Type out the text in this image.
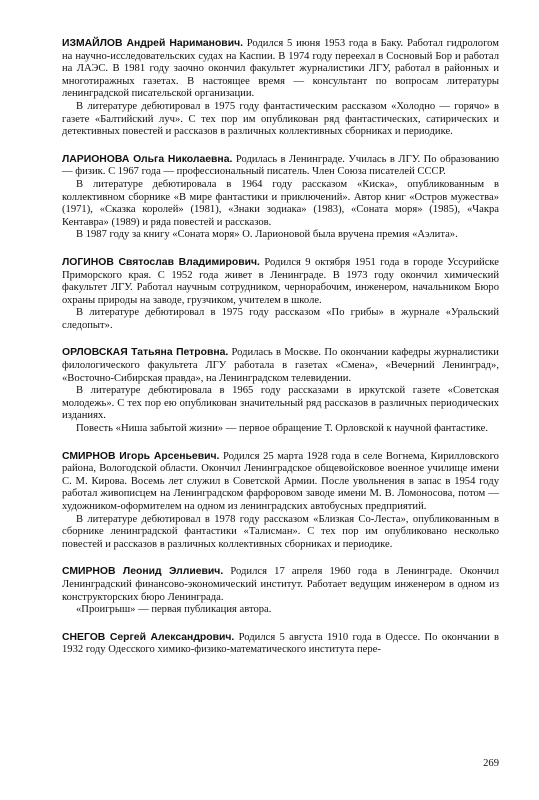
ИЗМАЙЛОВ Андрей Нариманович. Родился 5 июня 1953 года в Баку. Работал гидрологом на научно-исследовательских судах на Каспии. В 1974 году переехал в Сосновый Бор и работал на ЛАЭС. В 1981 году заочно окончил факультет журналистики ЛГУ, работал в районных и многотиражных газетах. В настоящее время — консультант по вопросам литературы ленинградской писательской организации.

В литературе дебютировал в 1975 году фантастическим рассказом «Холодно — горячо» в газете «Балтийский луч». С тех пор им опубликован ряд фантастических, сатирических и детективных повестей и рассказов в различных коллективных сборниках и периодике.

ЛАРИОНОВА Ольга Николаевна. Родилась в Ленинграде. Училась в ЛГУ. По образованию — физик. С 1967 года — профессиональный писатель. Член Союза писателей СССР.

В литературе дебютировала в 1964 году рассказом «Киска», опубликованным в коллективном сборнике «В мире фантастики и приключений». Автор книг «Остров мужества» (1971), «Сказка королей» (1981), «Знаки зодиака» (1983), «Соната моря» (1985), «Чакра Кентавра» (1989) и ряда повестей и рассказов.

В 1987 году за книгу «Соната моря» О. Ларионовой была вручена премия «Аэлита».

ЛОГИНОВ Святослав Владимирович. Родился 9 октября 1951 года в городе Уссурийске Приморского края. С 1952 года живет в Ленинграде. В 1973 году окончил химический факультет ЛГУ. Работал научным сотрудником, чернорабочим, инженером, начальником Бюро охраны природы на заводе, грузчиком, учителем в школе.

В литературе дебютировал в 1975 году рассказом «По грибы» в журнале «Уральский следопыт».

ОРЛОВСКАЯ Татьяна Петровна. Родилась в Москве. По окончании кафедры журналистики филологического факультета ЛГУ работала в газетах «Смена», «Вечерний Ленинград», «Восточно-Сибирская правда», на Ленинградском телевидении.

В литературе дебютировала в 1965 году рассказами в иркутской газете «Советская молодежь». С тех пор ею опубликован значительный ряд рассказов в различных периодических изданиях.

Повесть «Ниша забытой жизни» — первое обращение Т. Орловской к научной фантастике.

СМИРНОВ Игорь Арсеньевич. Родился 25 марта 1928 года в селе Вогнема, Кирилловского района, Вологодской области. Окончил Ленинградское общевойсковое военное училище имени С. М. Кирова. Восемь лет служил в Советской Армии. После увольнения в запас в 1954 году работал живописцем на Ленинградском фарфоровом заводе имени М. В. Ломоносова, потом — художником-оформителем на одном из ленинградских автобусных предприятий.

В литературе дебютировал в 1978 году рассказом «Близкая Со-Леста», опубликованным в сборнике ленинградской фантастики «Талисман». С тех пор им опубликовано несколько повестей и рассказов в различных коллективных сборниках и периодике.

СМИРНОВ Леонид Эллиевич. Родился 17 апреля 1960 года в Ленинграде. Окончил Ленинградский финансово-экономический институт. Работает ведущим инженером в одном из конструкторских бюро Ленинграда.

«Проигрыш» — первая публикация автора.

СНЕГОВ Сергей Александрович. Родился 5 августа 1910 года в Одессе. По окончании в 1932 году Одесского химико-физико-математического института пере-

269
